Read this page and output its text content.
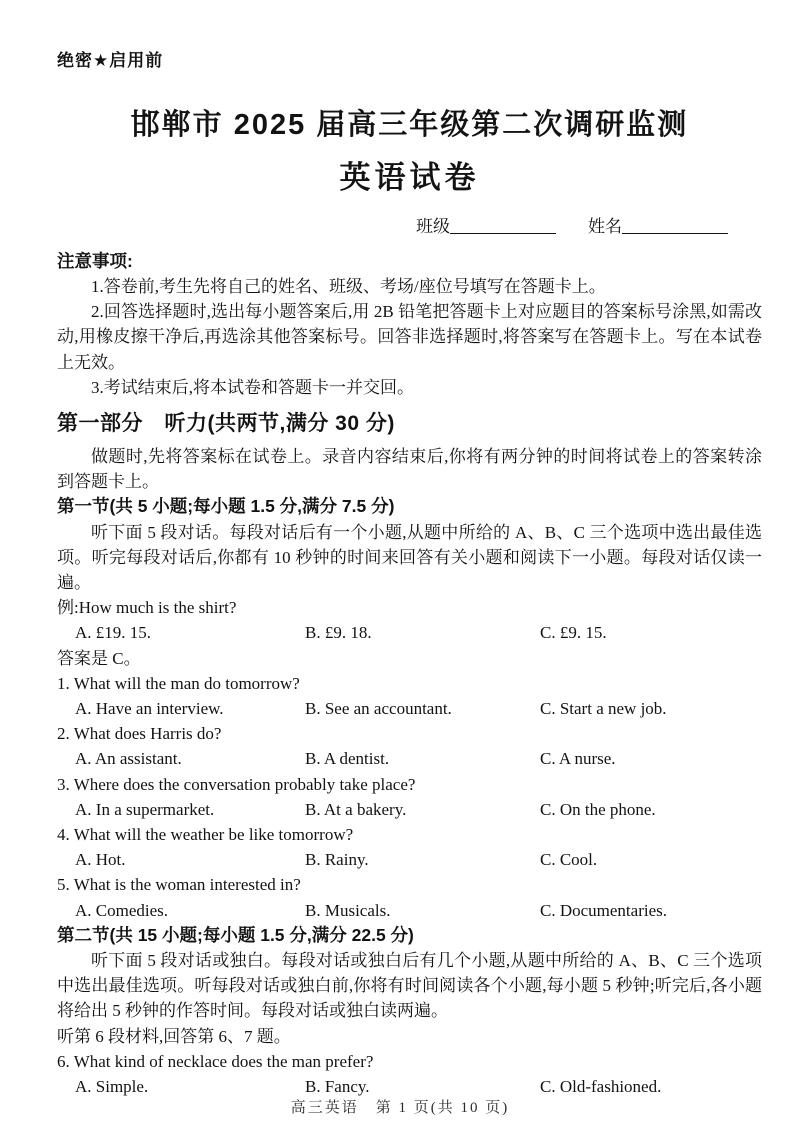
绝密★启用前
邯郸市 2025 届高三年级第二次调研监测
英语试卷
班级	姓名
注意事项:

1.答卷前,考生先将自己的姓名、班级、考场/座位号填写在答题卡上。

2.回答选择题时,选出每小题答案后,用 2B 铅笔把答题卡上对应题目的答案标号涂黑,如需改动,用橡皮擦干净后,再选涂其他答案标号。回答非选择题时,将答案写在答题卡上。写在本试卷上无效。

3.考试结束后,将本试卷和答题卡一并交回。

第一部分　听力(共两节,满分 30 分)

做题时,先将答案标在试卷上。录音内容结束后,你将有两分钟的时间将试卷上的答案转涂到答题卡上。

第一节(共 5 小题;每小题 1.5 分,满分 7.5 分)

听下面 5 段对话。每段对话后有一个小题,从题中所给的 A、B、C 三个选项中选出最佳选项。听完每段对话后,你都有 10 秒钟的时间来回答有关小题和阅读下一小题。每段对话仅读一遍。

例:How much is the shirt?

A. £19. 15.	B. £9. 18.	C. £9. 15.

答案是 C。

1. What will the man do tomorrow?

A. Have an interview.	B. See an accountant.	C. Start a new job.

2. What does Harris do?

A. An assistant.	B. A dentist.	C. A nurse.

3. Where does the conversation probably take place?

A. In a supermarket.	B. At a bakery.	C. On the phone.

4. What will the weather be like tomorrow?

A. Hot.	B. Rainy.	C. Cool.

5. What is the woman interested in?

A. Comedies.	B. Musicals.	C. Documentaries.
第二节(共 15 小题;每小题 1.5 分,满分 22.5 分)

听下面 5 段对话或独白。每段对话或独白后有几个小题,从题中所给的 A、B、C 三个选项中选出最佳选项。听每段对话或独白前,你将有时间阅读各个小题,每小题 5 秒钟;听完后,各小题将给出 5 秒钟的作答时间。每段对话或独白读两遍。

听第 6 段材料,回答第 6、7 题。

6. What kind of necklace does the man prefer?

A. Simple.	B. Fancy.	C. Old-fashioned.
高三英语　第 1 页(共 10 页)
